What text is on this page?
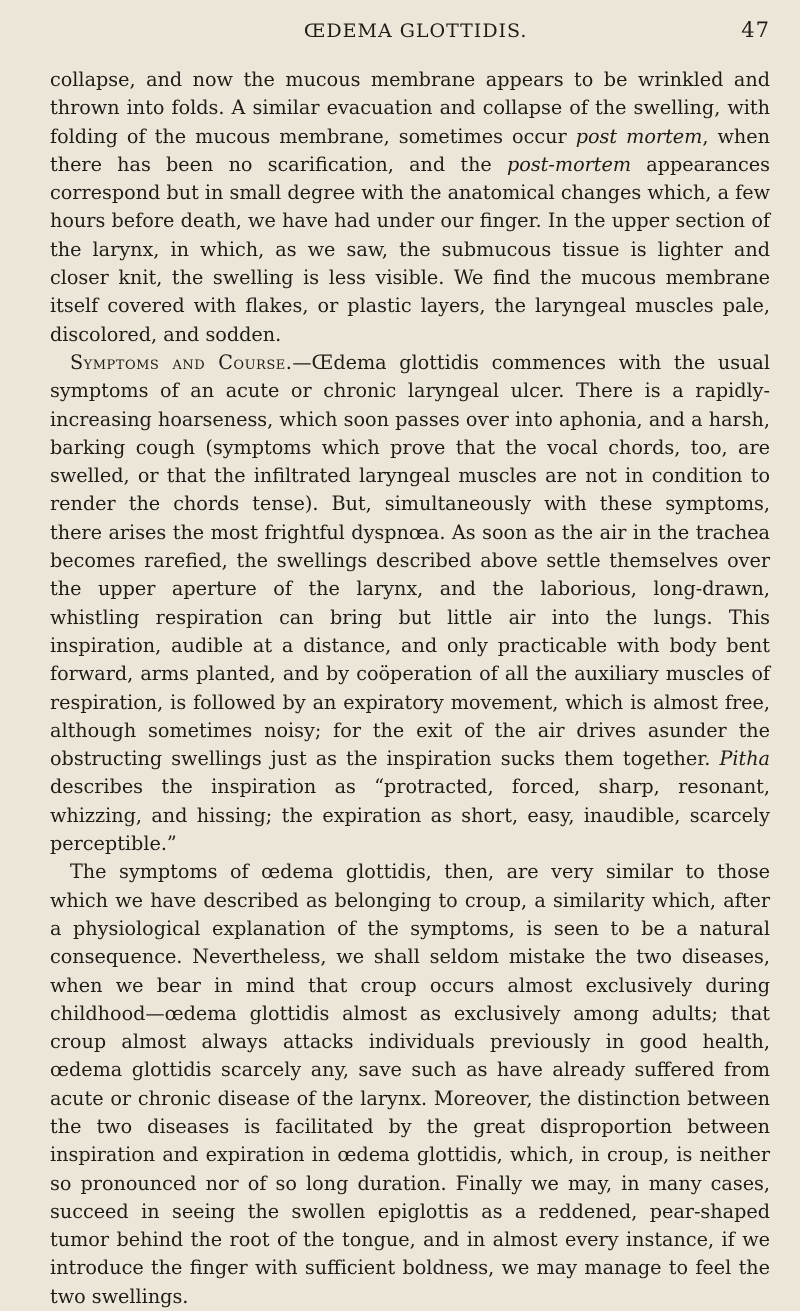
ŒDEMA GLOTTIDIS.	47

collapse, and now the mucous membrane appears to be wrinkled and thrown into folds. A similar evacuation and collapse of the swelling, with folding of the mucous membrane, sometimes occur post mortem, when there has been no scarification, and the post-mortem appearances correspond but in small degree with the anatomical changes which, a few hours before death, we have had under our finger. In the upper section of the larynx, in which, as we saw, the submucous tissue is lighter and closer knit, the swelling is less visible. We find the mucous membrane itself covered with flakes, or plastic layers, the laryngeal muscles pale, discolored, and sodden.

Symptoms and Course.—Œdema glottidis commences with the usual symptoms of an acute or chronic laryngeal ulcer. There is a rapidly-increasing hoarseness, which soon passes over into aphonia, and a harsh, barking cough (symptoms which prove that the vocal chords, too, are swelled, or that the infiltrated laryngeal muscles are not in condition to render the chords tense). But, simultaneously with these symptoms, there arises the most frightful dyspnœa. As soon as the air in the trachea becomes rarefied, the swellings described above settle themselves over the upper aperture of the larynx, and the laborious, long-drawn, whistling respiration can bring but little air into the lungs. This inspiration, audible at a distance, and only practicable with body bent forward, arms planted, and by coöperation of all the auxiliary muscles of respiration, is followed by an expiratory movement, which is almost free, although sometimes noisy; for the exit of the air drives asunder the obstructing swellings just as the inspiration sucks them together. Pitha describes the inspiration as “protracted, forced, sharp, resonant, whizzing, and hissing; the expiration as short, easy, inaudible, scarcely perceptible.”

The symptoms of œdema glottidis, then, are very similar to those which we have described as belonging to croup, a similarity which, after a physiological explanation of the symptoms, is seen to be a natural consequence. Nevertheless, we shall seldom mistake the two diseases, when we bear in mind that croup occurs almost exclusively during childhood—œdema glottidis almost as exclusively among adults; that croup almost always attacks individuals previously in good health, œdema glottidis scarcely any, save such as have already suffered from acute or chronic disease of the larynx. Moreover, the distinction between the two diseases is facilitated by the great disproportion between inspiration and expiration in œdema glottidis, which, in croup, is neither so pronounced nor of so long duration. Finally we may, in many cases, succeed in seeing the swollen epiglottis as a reddened, pear-shaped tumor behind the root of the tongue, and in almost every instance, if we introduce the finger with sufficient boldness, we may manage to feel the two swellings.
